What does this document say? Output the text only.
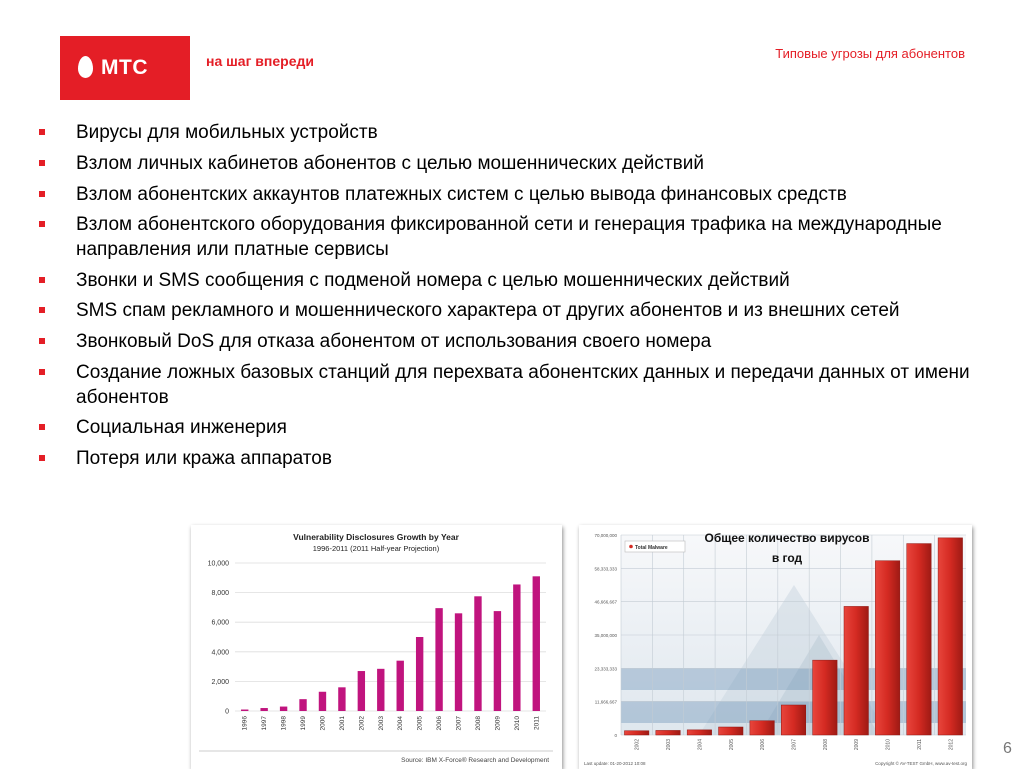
МТС	на шаг впереди	Типовые угрозы для абонентов
Вирусы для мобильных устройств
Взлом личных кабинетов абонентов с целью мошеннических действий
Взлом абонентских аккаунтов платежных систем с целью вывода финансовых средств
Взлом абонентского оборудования фиксированной сети и генерация трафика на международные направления или платные сервисы
Звонки и SMS сообщения с подменой номера с целью мошеннических действий
SMS спам рекламного и мошеннического характера от других абонентов и из внешних сетей
Звонковый DoS для отказа абонентом от использования своего номера
Создание ложных базовых станций для перехвата абонентских данных и передачи данных от имени абонентов
Социальная инженерия
Потеря или кража аппаратов
Vulnerability Disclosures Growth by Year
1996-2011 (2011 Half-year Projection)
0
2,000
4,000
6,000
8,000
10,000
1996 1997 1998 1999 2000 2001 2002 2003 2004 2005 2006 2007 2008 2009 2010 2011
Source: IBM X-Force® Research and Development
0
11,666,667
23,333,333
35,000,000
46,666,667
58,333,333
70,000,000
2002	2003	2004	2005	2006	2007	2008	2009	2010	2011	2012
Total Malware
Общее количество вирусов
в год
Last update: 01-20-2012 10:08	Copyright © AV-TEST GmbH, www.av-test.org
6
